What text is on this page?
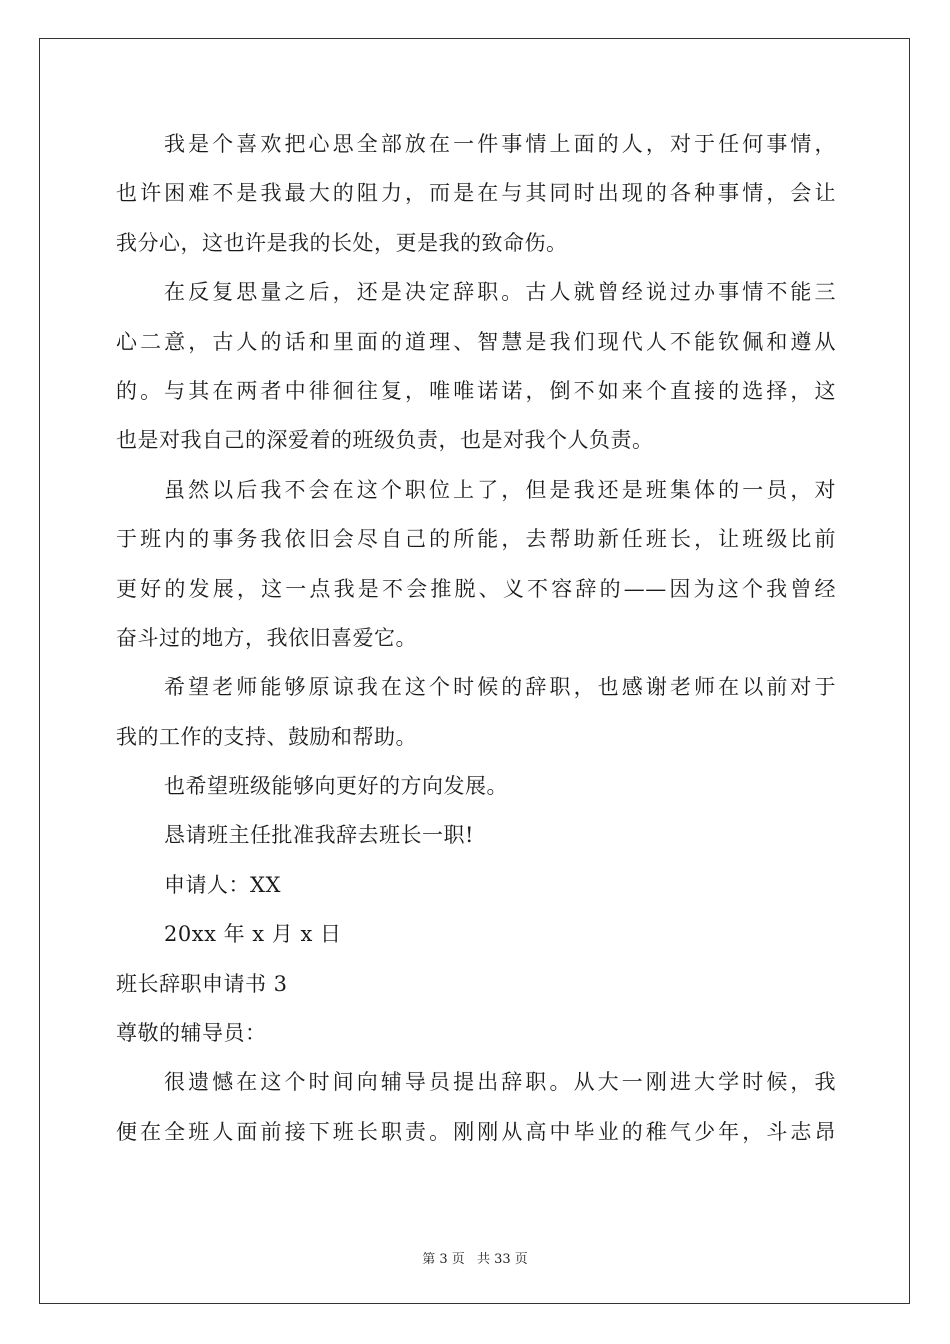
我是个喜欢把心思全部放在一件事情上面的人，对于任何事情，
也许困难不是我最大的阻力，而是在与其同时出现的各种事情，会让
我分心，这也许是我的长处，更是我的致命伤。
在反复思量之后，还是决定辞职。古人就曾经说过办事情不能三
心二意，古人的话和里面的道理、智慧是我们现代人不能钦佩和遵从
的。与其在两者中徘徊往复，唯唯诺诺，倒不如来个直接的选择，这
也是对我自己的深爱着的班级负责，也是对我个人负责。
虽然以后我不会在这个职位上了，但是我还是班集体的一员，对
于班内的事务我依旧会尽自己的所能，去帮助新任班长，让班级比前
更好的发展，这一点我是不会推脱、义不容辞的——因为这个我曾经
奋斗过的地方，我依旧喜爱它。
希望老师能够原谅我在这个时候的辞职，也感谢老师在以前对于
我的工作的支持、鼓励和帮助。
也希望班级能够向更好的方向发展。
恳请班主任批准我辞去班长一职!
申请人：XX
20xx 年 x 月 x 日
班长辞职申请书 3
尊敬的辅导员：
很遗憾在这个时间向辅导员提出辞职。从大一刚进大学时候，我
便在全班人面前接下班长职责。刚刚从高中毕业的稚气少年，斗志昂
第 3 页 共 33 页
